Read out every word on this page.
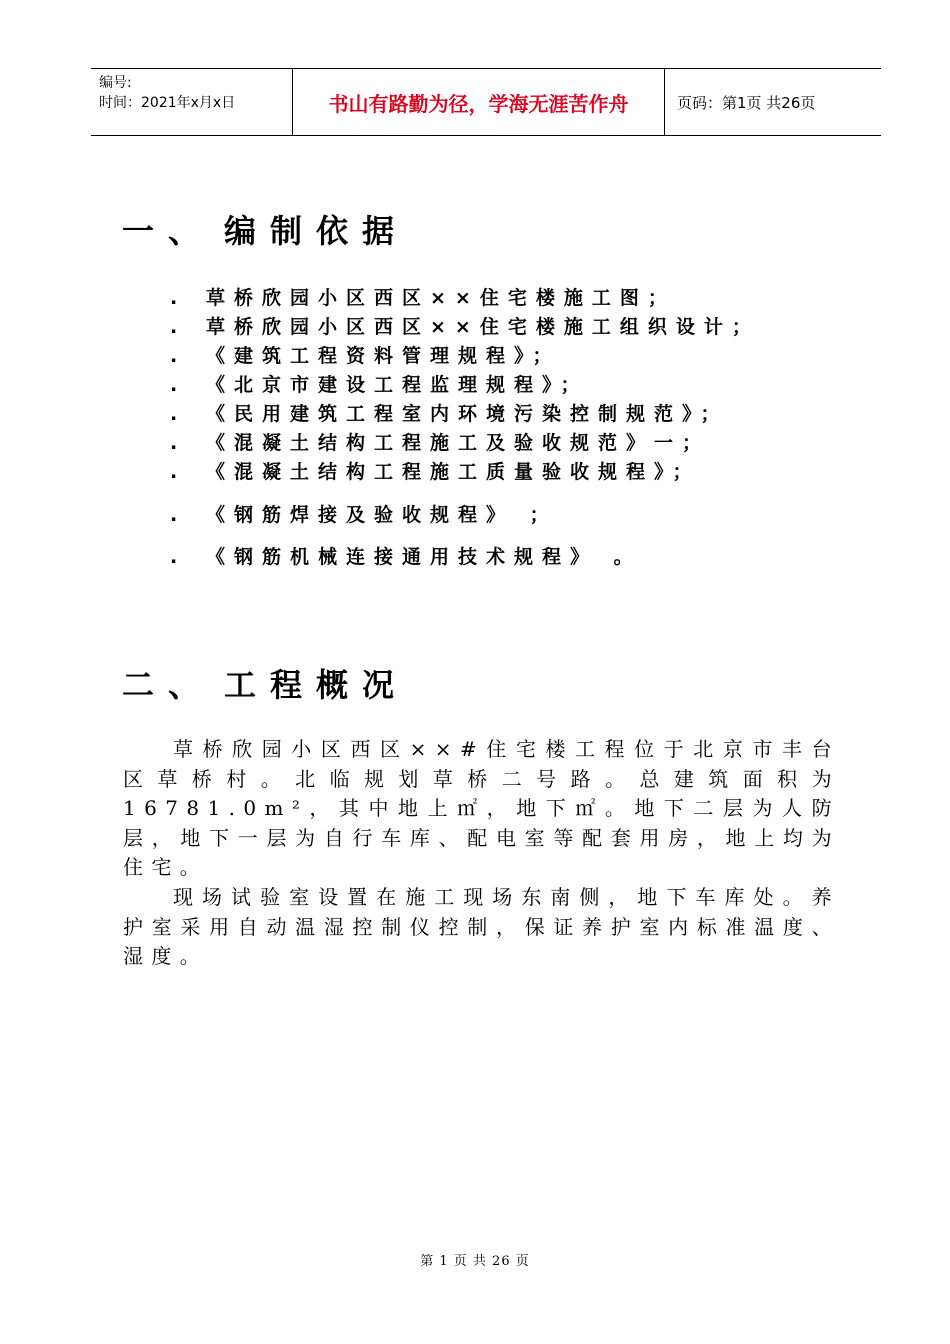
编号:
时间：2021年x月x日	书山有路勤为径，学海无涯苦作舟	页码：第1页 共26页
一、 编制依据
. 草桥欣园小区西区××住宅楼施工图；
. 草桥欣园小区西区××住宅楼施工组织设计；
. 《建筑工程资料管理规程》；
. 《北京市建设工程监理规程》；
. 《民用建筑工程室内环境污染控制规范》；
. 《混凝土结构工程施工及验收规范》一；
. 《混凝土结构工程施工质量验收规程》；
. 《钢筋焊接及验收规程》 ；
. 《钢筋机械连接通用技术规程》 。
二、 工程概况

草桥欣园小区西区××#住宅楼工程位于北京市丰台区草桥村。北临规划草桥二号路。总建筑面积为16781.0m²，其中地上㎡，地下㎡。地下二层为人防层，地下一层为自行车库、配电室等配套用房，地上均为住宅。

现场试验室设置在施工现场东南侧，地下车库处。养护室采用自动温湿控制仪控制，保证养护室内标准温度、湿度。

第 1 页 共 26 页
